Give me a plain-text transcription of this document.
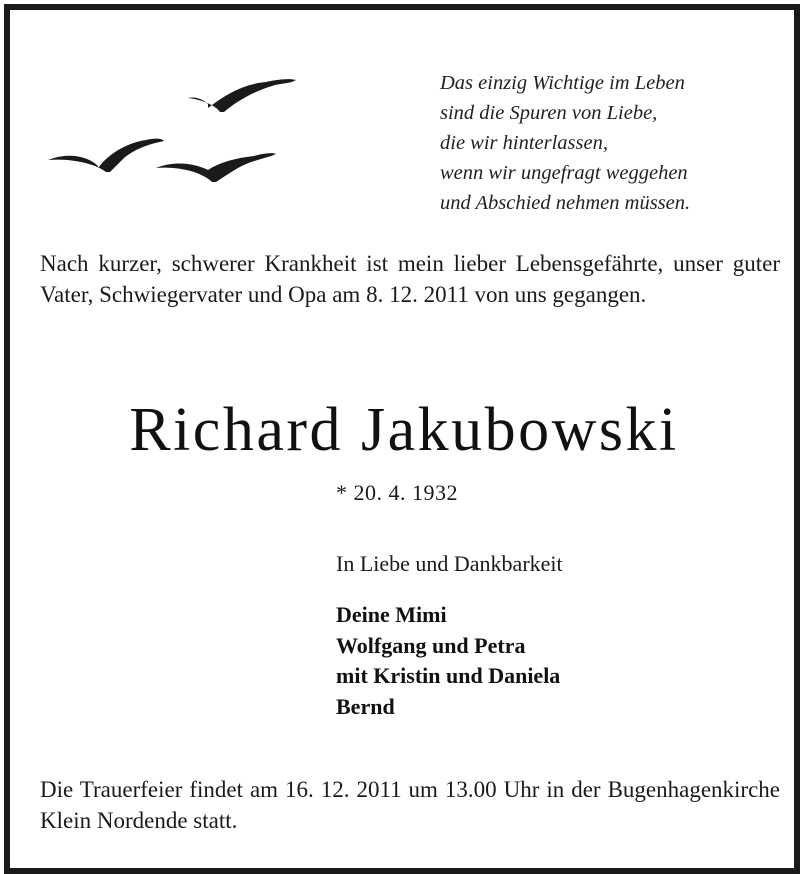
Das einzig Wichtige im Leben
sind die Spuren von Liebe,
die wir hinterlassen,
wenn wir ungefragt weggehen
und Abschied nehmen müssen.
Nach kurzer, schwerer Krankheit ist mein lieber Lebensgefährte, unser guter Vater, Schwiegervater und Opa am 8. 12. 2011 von uns gegangen.
Richard Jakubowski
* 20. 4. 1932
In Liebe und Dankbarkeit
Deine Mimi
Wolfgang und Petra
mit Kristin und Daniela
Bernd
Die Trauerfeier findet am 16. 12. 2011 um 13.00 Uhr in der Bugenhagenkirche Klein Nordende statt.
